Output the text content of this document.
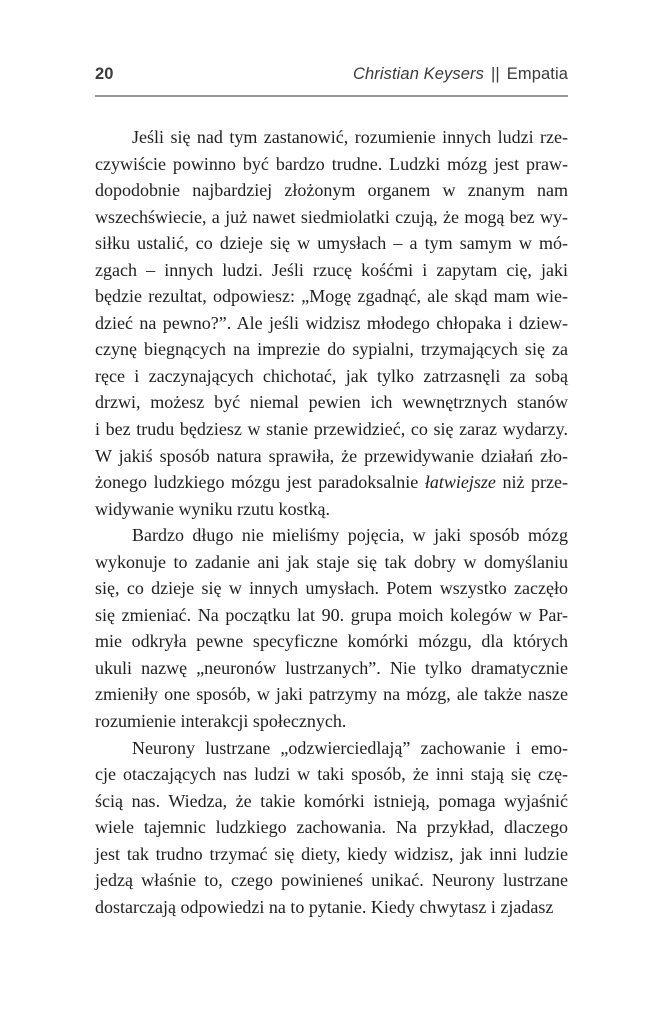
20	Christian Keysers || Empatia
Jeśli się nad tym zastanowić, rozumienie innych ludzi rze-
czywiście powinno być bardzo trudne. Ludzki mózg jest praw-
dopodobnie najbardziej złożonym organem w znanym nam
wszechświecie, a już nawet siedmiolatki czują, że mogą bez wy-
siłku ustalić, co dzieje się w umysłach – a tym samym w mó-
zgach – innych ludzi. Jeśli rzucę kośćmi i zapytam cię, jaki
będzie rezultat, odpowiesz: „Mogę zgadnąć, ale skąd mam wie-
dzieć na pewno?”. Ale jeśli widzisz młodego chłopaka i dziew-
czynę biegnących na imprezie do sypialni, trzymających się za
ręce i zaczynających chichotać, jak tylko zatrzasnęli za sobą
drzwi, możesz być niemal pewien ich wewnętrznych stanów
i bez trudu będziesz w stanie przewidzieć, co się zaraz wydarzy.
W jakiś sposób natura sprawiła, że przewidywanie działań zło-
żonego ludzkiego mózgu jest paradoksalnie łatwiejsze niż prze-
widywanie wyniku rzutu kostką.
Bardzo długo nie mieliśmy pojęcia, w jaki sposób mózg
wykonuje to zadanie ani jak staje się tak dobry w domyślaniu
się, co dzieje się w innych umysłach. Potem wszystko zaczęło
się zmieniać. Na początku lat 90. grupa moich kolegów w Par-
mie odkryła pewne specyficzne komórki mózgu, dla których
ukuli nazwę „neuronów lustrzanych”. Nie tylko dramatycznie
zmieniły one sposób, w jaki patrzymy na mózg, ale także nasze
rozumienie interakcji społecznych.
Neurony lustrzane „odzwierciedlają” zachowanie i emo-
cje otaczających nas ludzi w taki sposób, że inni stają się czę-
ścią nas. Wiedza, że takie komórki istnieją, pomaga wyjaśnić
wiele tajemnic ludzkiego zachowania. Na przykład, dlaczego
jest tak trudno trzymać się diety, kiedy widzisz, jak inni ludzie
jedzą właśnie to, czego powinieneś unikać. Neurony lustrzane
dostarczają odpowiedzi na to pytanie. Kiedy chwytasz i zjadasz
